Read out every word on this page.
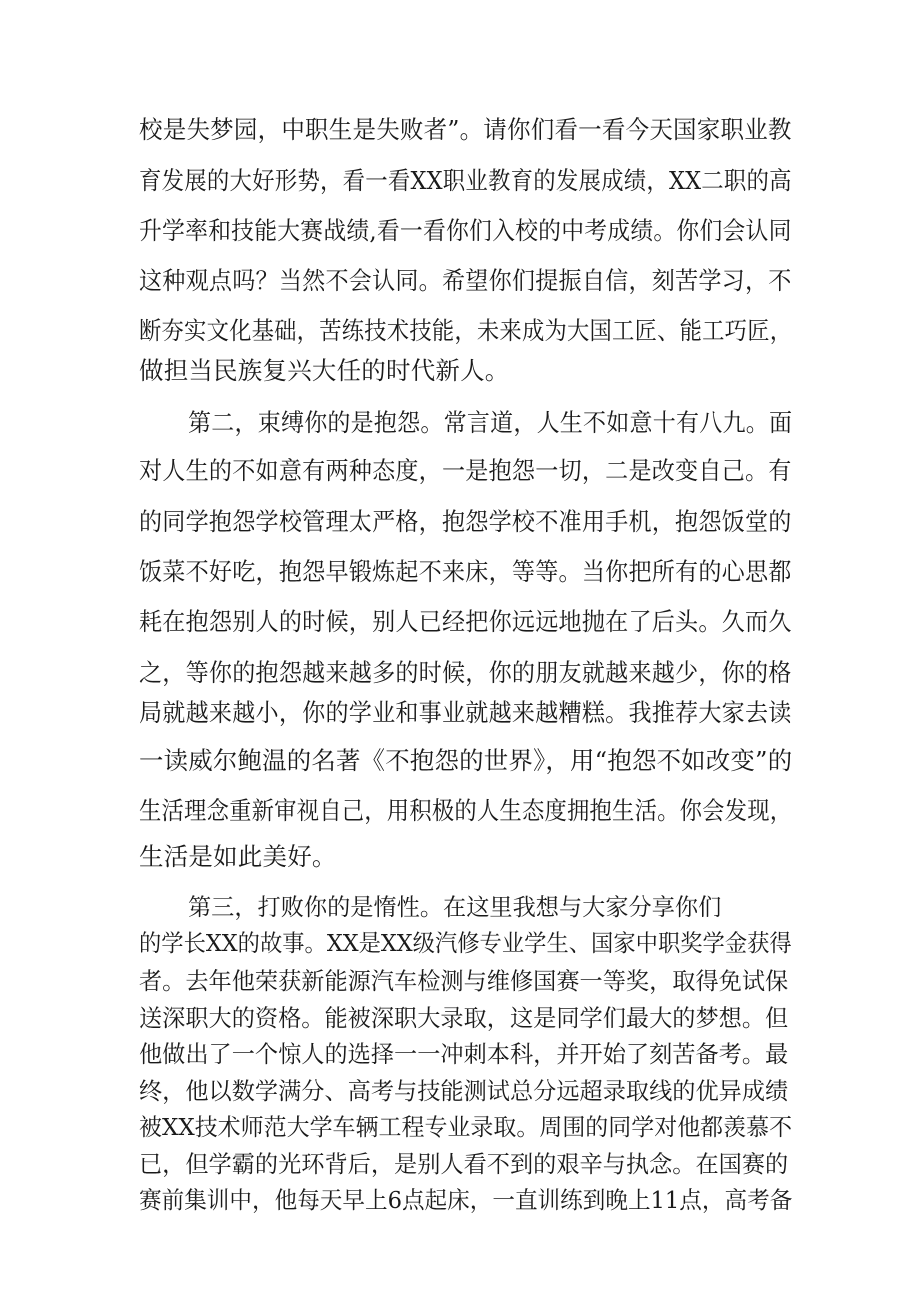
校是失梦园，中职生是失败者”。请你们看一看今天国家职业教
育发展的大好形势，看一看XX职业教育的发展成绩，XX二职的高
升学率和技能大赛战绩,看一看你们入校的中考成绩。你们会认同
这种观点吗？当然不会认同。希望你们提振自信，刻苦学习，不
断夯实文化基础，苦练技术技能，未来成为大国工匠、能工巧匠，
做担当民族复兴大任的时代新人。
第二，束缚你的是抱怨。常言道，人生不如意十有八九。面
对人生的不如意有两种态度，一是抱怨一切，二是改变自己。有
的同学抱怨学校管理太严格，抱怨学校不准用手机，抱怨饭堂的
饭菜不好吃，抱怨早锻炼起不来床，等等。当你把所有的心思都
耗在抱怨别人的时候，别人已经把你远远地抛在了后头。久而久
之，等你的抱怨越来越多的时候，你的朋友就越来越少，你的格
局就越来越小，你的学业和事业就越来越糟糕。我推荐大家去读
一读威尔鲍温的名著《不抱怨的世界》，用“抱怨不如改变”的
生活理念重新审视自己，用积极的人生态度拥抱生活。你会发现，
生活是如此美好。
第三，打败你的是惰性。在这里我想与大家分享你们
的学长XX的故事。XX是XX级汽修专业学生、国家中职奖学金获得
者。去年他荣获新能源汽车检测与维修国赛一等奖，取得免试保
送深职大的资格。能被深职大录取，这是同学们最大的梦想。但
他做出了一个惊人的选择一一冲刺本科，并开始了刻苦备考。最
终，他以数学满分、高考与技能测试总分远超录取线的优异成绩
被XX技术师范大学车辆工程专业录取。周围的同学对他都羡慕不
已，但学霸的光环背后，是别人看不到的艰辛与执念。在国赛的
赛前集训中，他每天早上6点起床，一直训练到晚上11点，高考备
